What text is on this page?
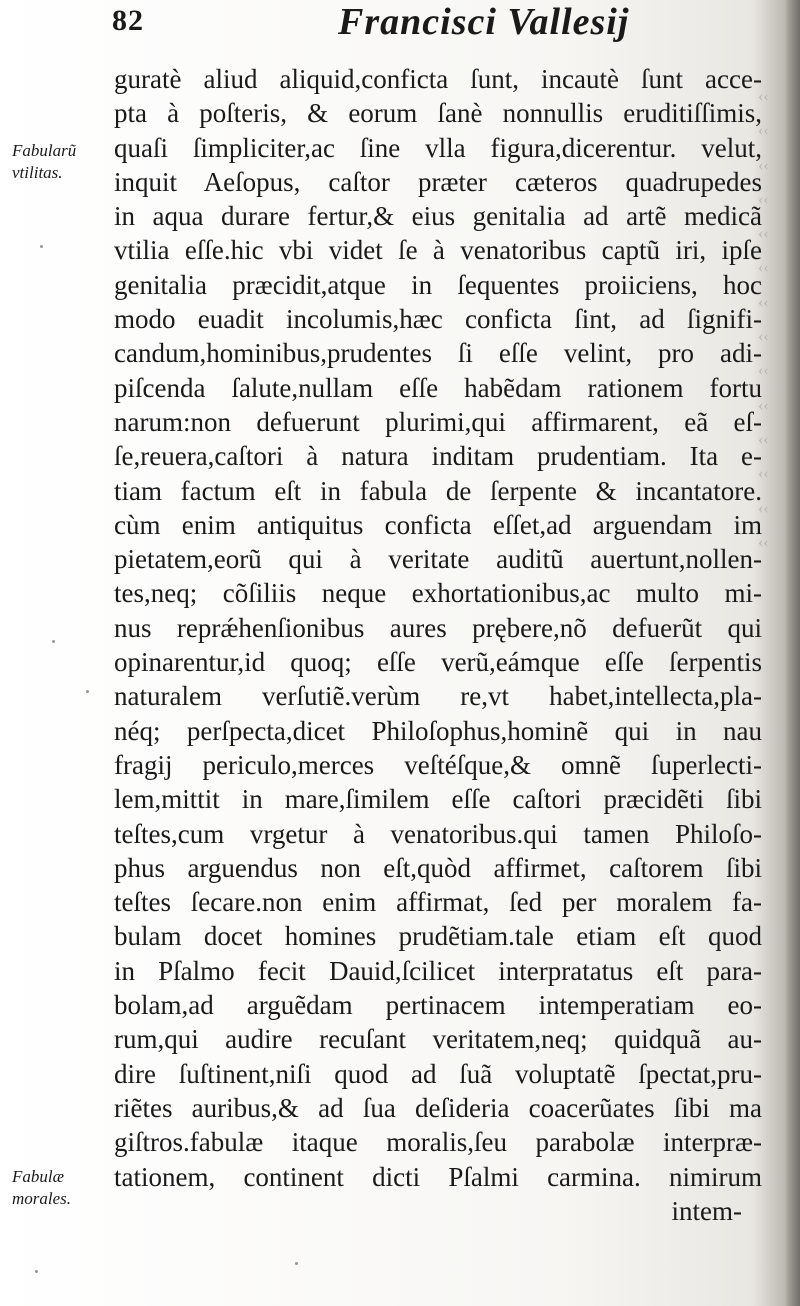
82	Francisci Vallesij
Fabularũ vtilitas.
Fabulæ morales.
‹‹
‹‹
‹‹
‹‹
‹‹
‹‹
‹‹
‹‹
‹‹
‹‹
‹‹
‹‹
‹‹
‹‹
guratè aliud aliquid,conficta ſunt, incautè ſunt acce-
pta à poſteris, & eorum ſanè nonnullis eruditiſſimis,
quaſi ſimpliciter,ac ſine vlla figura,dicerentur. velut,
inquit Aeſopus, caſtor præter cæteros quadrupedes
in aqua durare fertur,& eius genitalia ad artẽ medicã
vtilia eſſe.hic vbi videt ſe à venatoribus captũ iri, ipſe
genitalia præcidit,atque in ſequentes proiiciens, hoc
modo euadit incolumis,hæc conficta ſint, ad ſignifi-
candum,hominibus,prudentes ſi eſſe velint, pro adi-
piſcenda ſalute,nullam eſſe habẽdam rationem fortu
narum:non defuerunt plurimi,qui affirmarent, eã eſ-
ſe,reuera,caſtori à natura inditam prudentiam. Ita e-
tiam factum eſt in fabula de ſerpente & incantatore.
cùm enim antiquitus conficta eſſet,ad arguendam im
pietatem,eorũ qui à veritate auditũ auertunt,nollen-
tes,neq; cõſiliis neque exhortationibus,ac multo mi-
nus reprǽhenſionibus aures prębere,nõ defuerũt qui
opinarentur,id quoq; eſſe verũ,eámque eſſe ſerpentis
naturalem verſutiẽ.verùm re,vt habet,intellecta,pla-
néq; perſpecta,dicet Philoſophus,hominẽ qui in nau
fragij periculo,merces veſtéſque,& omnẽ ſuperlecti-
lem,mittit in mare,ſimilem eſſe caſtori præcidẽti ſibi
teſtes,cum vrgetur à venatoribus.qui tamen Philoſo-
phus arguendus non eſt,quòd affirmet, caſtorem ſibi
teſtes ſecare.non enim affirmat, ſed per moralem fa-
bulam docet homines prudẽtiam.tale etiam eſt quod
in Pſalmo fecit Dauid,ſcilicet interpratatus eſt para-
bolam,ad arguẽdam pertinacem intemperatiam eo-
rum,qui audire recuſant veritatem,neq; quidquã au-
dire ſuſtinent,niſi quod ad ſuã voluptatẽ ſpectat,pru-
riẽtes auribus,& ad ſua deſideria coacerũates ſibi ma
giſtros.fabulæ itaque moralis,ſeu parabolæ interpræ-
tationem, continent dicti Pſalmi carmina. nimirum
intem-
